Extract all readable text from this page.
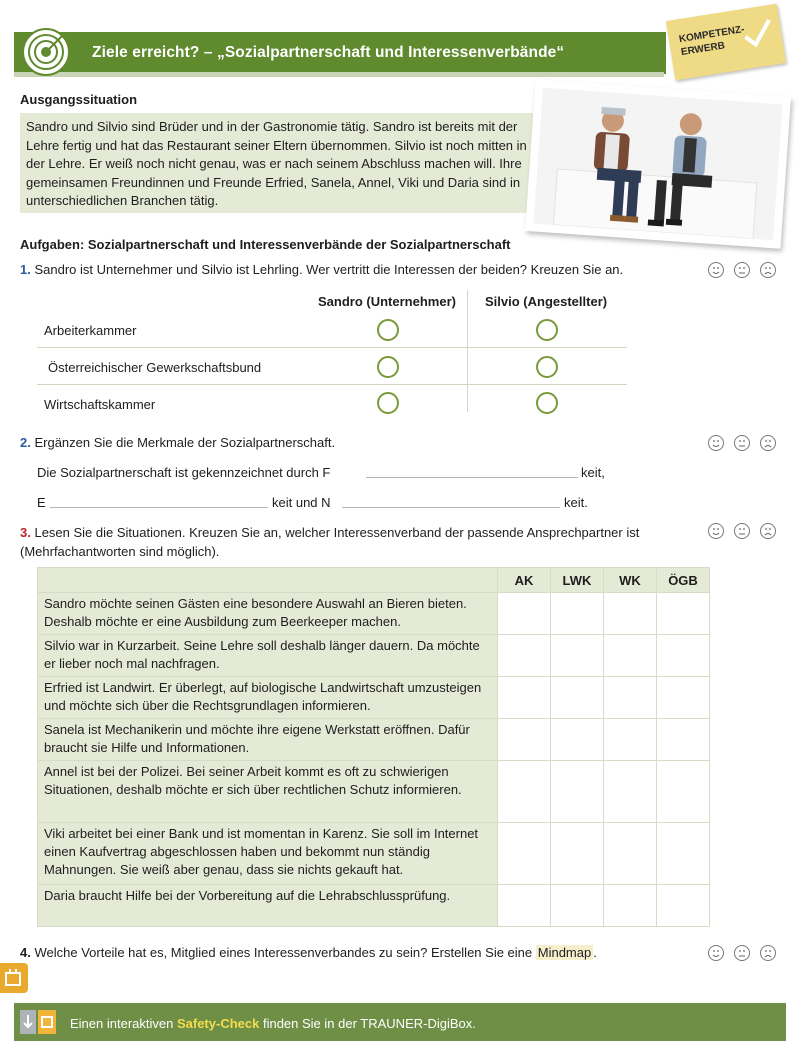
Ziele erreicht? – „Sozialpartnerschaft und Interessenverbände“
KOMPETENZ-
ERWERB
Ausgangssituation
Sandro und Silvio sind Brüder und in der Gastronomie tätig. Sandro ist bereits mit der Lehre fertig und hat das Restaurant seiner Eltern übernommen. Silvio ist noch mitten in der Lehre. Er weiß noch nicht genau, was er nach seinem Abschluss machen will. Ihre gemeinsamen Freundinnen und Freunde Erfried, Sanela, Annel, Viki und Daria sind in unterschiedlichen Branchen tätig.
Aufgaben: Sozialpartnerschaft und Interessenverbände der Sozialpartnerschaft
1. Sandro ist Unternehmer und Silvio ist Lehrling. Wer vertritt die Interessen der beiden? Kreuzen Sie an.
Sandro (Unternehmer) Silvio (Angestellter)
Arbeiterkammer
Österreichischer Gewerkschaftsbund
Wirtschaftskammer
2. Ergänzen Sie die Merkmale der Sozialpartnerschaft.
Die Sozialpartnerschaft ist gekennzeichnet durch F	keit,
E	keit und N	keit.
3. Lesen Sie die Situationen. Kreuzen Sie an, welcher Interessenverband der passende Ansprechpartner ist (Mehrfachantworten sind möglich).
	AK	LWK	WK	ÖGB
Sandro möchte seinen Gästen eine besondere Auswahl an Bieren bieten. Deshalb möchte er eine Ausbildung zum Beerkeeper machen.				
Silvio war in Kurzarbeit. Seine Lehre soll deshalb länger dauern. Da möchte er lieber noch mal nachfragen.				
Erfried ist Landwirt. Er überlegt, auf biologische Landwirtschaft umzusteigen und möchte sich über die Rechtsgrundlagen informieren.				
Sanela ist Mechanikerin und möchte ihre eigene Werkstatt eröffnen. Dafür braucht sie Hilfe und Informationen.				
Annel ist bei der Polizei. Bei seiner Arbeit kommt es oft zu schwierigen Situationen, deshalb möchte er sich über rechtlichen Schutz informieren.				
Viki arbeitet bei einer Bank und ist momentan in Karenz. Sie soll im Internet einen Kaufvertrag abgeschlossen haben und bekommt nun ständig Mahnungen. Sie weiß aber genau, dass sie nichts gekauft hat.				
Daria braucht Hilfe bei der Vorbereitung auf die Lehrabschlussprüfung.				
4. Welche Vorteile hat es, Mitglied eines Interessenverbandes zu sein? Erstellen Sie eine Mindmap .
Einen interaktiven Safety-Check finden Sie in der TRAUNER-DigiBox.
